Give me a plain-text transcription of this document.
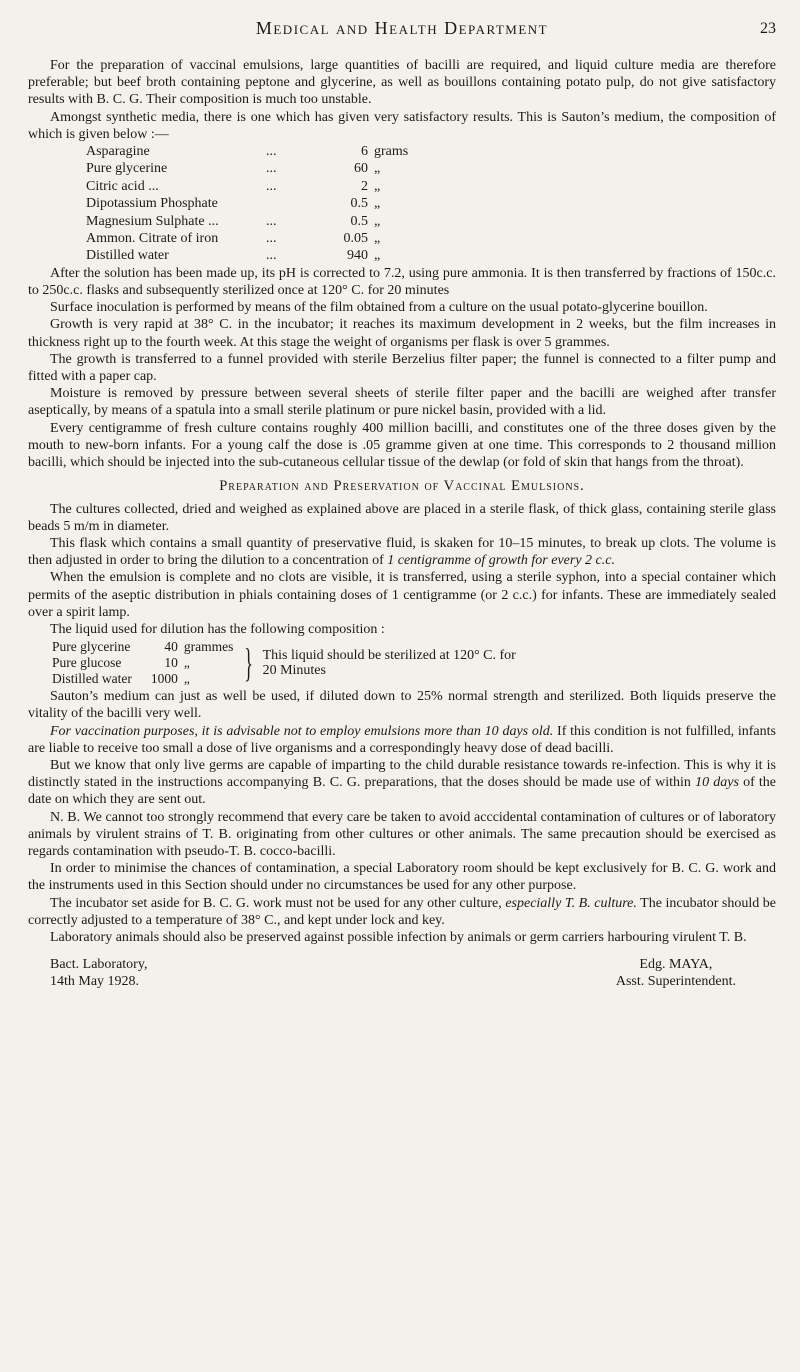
Medical and Health Department	23

For the preparation of vaccinal emulsions, large quantities of bacilli are required, and liquid culture media are therefore preferable; but beef broth containing peptone and glycerine, as well as bouillons containing potato pulp, do not give satisfactory results with B. C. G. Their composition is much too unstable.

Amongst synthetic media, there is one which has given very satisfactory results. This is Sauton’s medium, the composition of which is given below :—

Asparagine	...	6	grams
Pure glycerine	...	60	„
Citric acid ...	...	2	„
Dipotassium Phosphate		0.5	„
Magnesium Sulphate ...	...	0.5	„
Ammon. Citrate of iron	...	0.05	„
Distilled water	...	940	„

After the solution has been made up, its pH is corrected to 7.2, using pure ammonia. It is then transferred by fractions of 150c.c. to 250c.c. flasks and subsequently sterilized once at 120° C. for 20 minutes

Surface inoculation is performed by means of the film obtained from a culture on the usual potato-glycerine bouillon.

Growth is very rapid at 38° C. in the incubator; it reaches its maximum development in 2 weeks, but the film increases in thickness right up to the fourth week. At this stage the weight of organisms per flask is over 5 grammes.

The growth is transferred to a funnel provided with sterile Berzelius filter paper; the funnel is connected to a filter pump and fitted with a paper cap.

Moisture is removed by pressure between several sheets of sterile filter paper and the bacilli are weighed after transfer aseptically, by means of a spatula into a small sterile platinum or pure nickel basin, provided with a lid.

Every centigramme of fresh culture contains roughly 400 million bacilli, and constitutes one of the three doses given by the mouth to new-born infants. For a young calf the dose is .05 gramme given at one time. This corresponds to 2 thousand million bacilli, which should be injected into the sub-cutaneous cellular tissue of the dewlap (or fold of skin that hangs from the throat).

Preparation and Preservation of Vaccinal Emulsions.

The cultures collected, dried and weighed as explained above are placed in a sterile flask, of thick glass, containing sterile glass beads 5 m/m in diameter.

This flask which contains a small quantity of preservative fluid, is skaken for 10–15 minutes, to break up clots. The volume is then adjusted in order to bring the dilution to a concentration of 1 centigramme of growth for every 2 c.c.

When the emulsion is complete and no clots are visible, it is transferred, using a sterile syphon, into a special container which permits of the aseptic distribution in phials containing doses of 1 centigramme (or 2 c.c.) for infants. These are immediately sealed over a spirit lamp.

The liquid used for dilution has the following composition :

Pure glycerine	40	grammes
Pure glucose	10	„
Distilled water	1000	„ } This liquid should be sterilized at 120° C. for
20 Minutes

Sauton’s medium can just as well be used, if diluted down to 25% normal strength and sterilized. Both liquids preserve the vitality of the bacilli very well.

For vaccination purposes, it is advisable not to employ emulsions more than 10 days old. If this condition is not fulfilled, infants are liable to receive too small a dose of live organisms and a correspondingly heavy dose of dead bacilli.

But we know that only live germs are capable of imparting to the child durable resistance towards re-infection. This is why it is distinctly stated in the instructions accompanying B. C. G. preparations, that the doses should be made use of within 10 days of the date on which they are sent out.

N. B. We cannot too strongly recommend that every care be taken to avoid acccidental contamination of cultures or of laboratory animals by virulent strains of T. B. originating from other cultures or other animals. The same precaution should be exercised as regards contamination with pseudo-T. B. cocco-bacilli.

In order to minimise the chances of contamination, a special Laboratory room should be kept exclusively for B. C. G. work and the instruments used in this Section should under no circumstances be used for any other purpose.

The incubator set aside for B. C. G. work must not be used for any other culture, especially T. B. culture. The incubator should be correctly adjusted to a temperature of 38° C., and kept under lock and key.

Laboratory animals should also be preserved against possible infection by animals or germ carriers harbouring virulent T. B.

Bact. Laboratory,
14th May 1928.
Edg. MAYA,
Asst. Superintendent.
